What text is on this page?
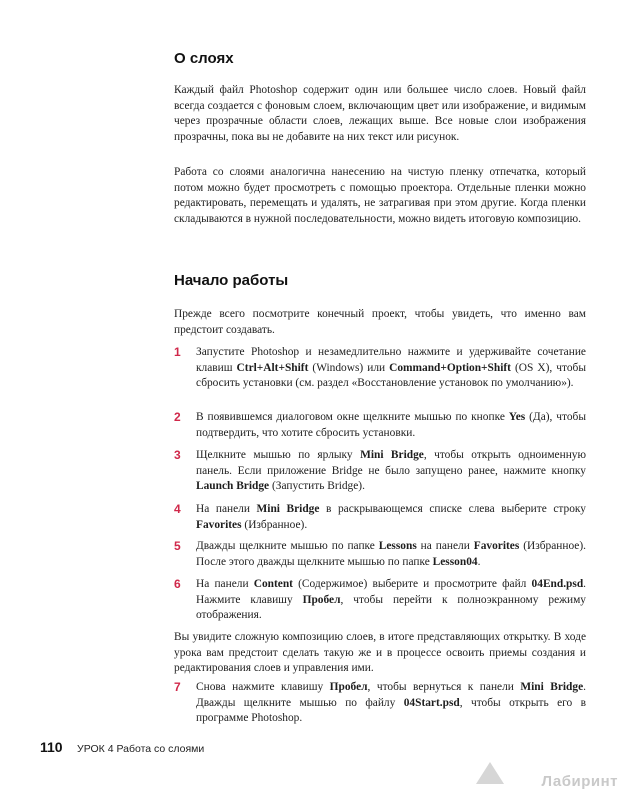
О слоях

Каждый файл Photoshop содержит один или большее число слоев. Новый файл всегда создается с фоновым слоем, включающим цвет или изображение, и видимым через прозрачные области слоев, лежащих выше. Все новые слои изображения прозрачны, пока вы не добавите на них текст или рисунок.

Работа со слоями аналогична нанесению на чистую пленку отпечатка, который потом можно будет просмотреть с помощью проектора. Отдельные пленки можно редактировать, перемещать и удалять, не затрагивая при этом другие. Когда пленки складываются в нужной последовательности, можно видеть итоговую композицию.

Начало работы

Прежде всего посмотрите конечный проект, чтобы увидеть, что именно вам предстоит создавать.

1	Запустите Photoshop и незамедлительно нажмите и удерживайте сочетание клавиш Ctrl+Alt+Shift (Windows) или Command+Option+Shift (OS X), чтобы сбросить установки (см. раздел «Восстановление установок по умолчанию»).
2	В появившемся диалоговом окне щелкните мышью по кнопке Yes (Да), чтобы подтвердить, что хотите сбросить установки.
3	Щелкните мышью по ярлыку Mini Bridge, чтобы открыть одноименную панель. Если приложение Bridge не было запущено ранее, нажмите кнопку Launch Bridge (Запустить Bridge).
4	На панели Mini Bridge в раскрывающемся списке слева выберите строку Favorites (Избранное).
5	Дважды щелкните мышью по папке Lessons на панели Favorites (Избранное). После этого дважды щелкните мышью по папке Lesson04.
6	На панели Content (Содержимое) выберите и просмотрите файл 04End.psd. Нажмите клавишу Пробел, чтобы перейти к полноэкранному режиму отображения.

Вы увидите сложную композицию слоев, в итоге представляющих открытку. В ходе урока вам предстоит сделать такую же и в процессе освоить приемы создания и редактирования слоев и управления ими.

7	Снова нажмите клавишу Пробел, чтобы вернуться к панели Mini Bridge. Дважды щелкните мышью по файлу 04Start.psd, чтобы открыть его в программе Photoshop.
110 УРОК 4 Работа со слоями
Лабиринт
